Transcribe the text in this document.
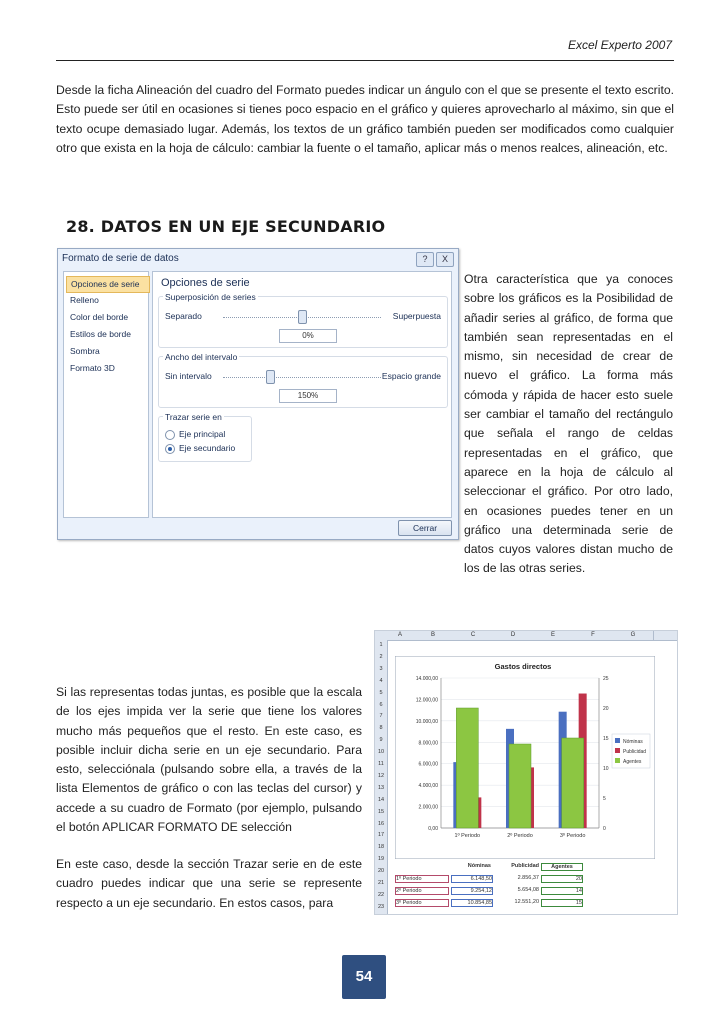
Excel Experto 2007
Desde la ficha Alineación del cuadro del Formato puedes indicar un ángulo con el que se presente el texto escrito. Esto puede ser útil en ocasiones si tienes poco espacio en el gráfico y quieres aprovecharlo al máximo, sin que el texto ocupe demasiado lugar. Además, los textos de un gráfico también pueden ser modificados como cualquier otro que exista en la hoja de cálculo: cambiar la fuente o el tamaño, aplicar más o menos realces, alineación, etc.
28. DATOS EN UN EJE SECUNDARIO
Formato de serie de datos	?	X
Opciones de serie
Relleno
Color del borde
Estilos de borde
Sombra
Formato 3D
Opciones de serie
Superposición de series
Separado	Superpuesta
0%
Ancho del intervalo
Sin intervalo	Espacio grande
150%
Trazar serie en
Eje principal
Eje secundario
Cerrar
Otra característica que ya conoces sobre los gráficos es la Posibilidad de añadir series al gráfico, de forma que también sean representadas en el mismo, sin necesidad de crear de nuevo el gráfico. La forma más cómoda y rápida de hacer esto suele ser cambiar el tamaño del rectángulo que señala el rango de celdas representadas en el gráfico, que aparece en la hoja de cálculo al seleccionar el gráfico. Por otro lado, en ocasiones puedes tener en un gráfico una determinada serie de datos cuyos valores distan mucho de los de las otras series.
Si las representas todas juntas, es posible que la escala de los ejes impida ver la serie que tiene los valores mucho más pequeños que el resto. En este caso, es posible incluir dicha serie en un eje secundario. Para esto, selecciónala (pulsando sobre ella, a través de la lista Elementos de gráfico o con las teclas del cursor) y accede a su cuadro de Formato (por ejemplo, pulsando el botón APLICAR FORMATO DE selección
En este caso, desde la sección Trazar serie en de este cuadro puedes indicar que una serie se represente respecto a un eje secundario. En estos casos, para
A	B	C	D	E	F	G
1
2
3
4
5
6
7
8
9
10
11
12
13
14
15
16
17
18
19
20
21
22
23
Gastos directos
0,00
2.000,00
4.000,00
6.000,00
8.000,00
10.000,00
12.000,00
14.000,00
0
5
10
15
20
25
1º Periodo	2º Periodo	3º Periodo
Nóminas
Publicidad
Agentes
Nóminas	Publicidad	Agentes
1º Periodo	6.148,50	2.856,37	20
2º Periodo	9.254,12	5.654,08	14
3º Periodo	10.854,85	12.551,20	15
54
